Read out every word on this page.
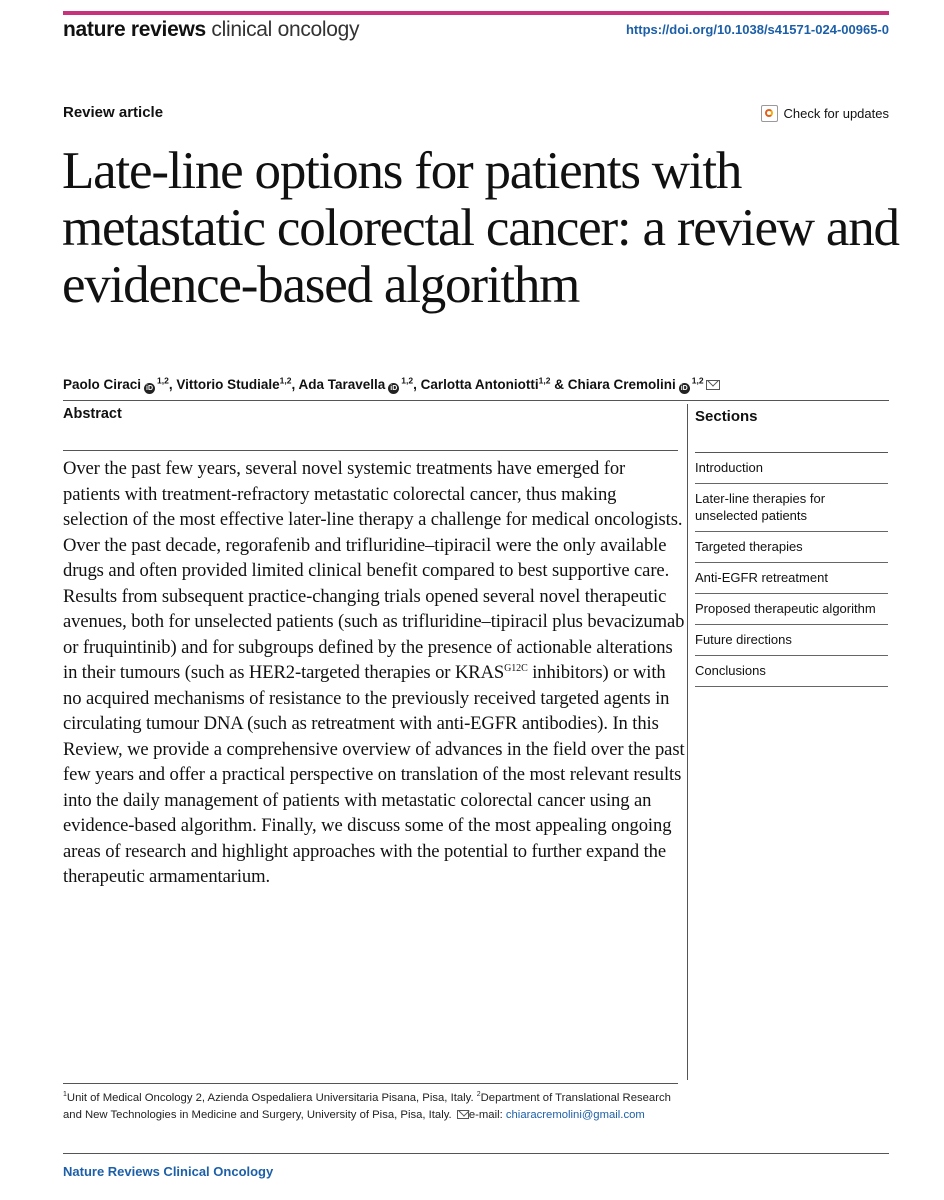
nature reviews clinical oncology	https://doi.org/10.1038/s41571-024-00965-0
Review article	Check for updates
Late-line options for patients with metastatic colorectal cancer: a review and evidence-based algorithm
Paolo Ciraci iD$^{1,2}$, Vittorio Studiale$^{1,2}$, Ada Taravella iD$^{1,2}$, Carlotta Antoniotti$^{1,2}$ & Chiara Cremolini iD$^{1,2}$
Abstract
Over the past few years, several novel systemic treatments have emerged for patients with treatment-refractory metastatic colorectal cancer, thus making selection of the most effective later-line therapy a challenge for medical oncologists. Over the past decade, regorafenib and trifluridine–tipiracil were the only available drugs and often provided limited clinical benefit compared to best supportive care. Results from subsequent practice-changing trials opened several novel therapeutic avenues, both for unselected patients (such as trifluridine–tipiracil plus bevacizumab or fruquintinib) and for subgroups defined by the presence of actionable alterations in their tumours (such as HER2-targeted therapies or $KRAS^{G12C}$ inhibitors) or with no acquired mechanisms of resistance to the previously received targeted agents in circulating tumour DNA (such as retreatment with anti-EGFR antibodies). In this Review, we provide a comprehensive overview of advances in the field over the past few years and offer a practical perspective on translation of the most relevant results into the daily management of patients with metastatic colorectal cancer using an evidence-based algorithm. Finally, we discuss some of the most appealing ongoing areas of research and highlight approaches with the potential to further expand the therapeutic armamentarium.
Sections
Introduction
Later-line therapies for unselected patients
Targeted therapies
Anti-EGFR retreatment
Proposed therapeutic algorithm
Future directions
Conclusions
$^1$Unit of Medical Oncology 2, Azienda Ospedaliera Universitaria Pisana, Pisa, Italy. $^2$Department of Translational Research and New Technologies in Medicine and Surgery, University of Pisa, Pisa, Italy. e-mail: chiaracremolini@gmail.com
Nature Reviews Clinical Oncology
